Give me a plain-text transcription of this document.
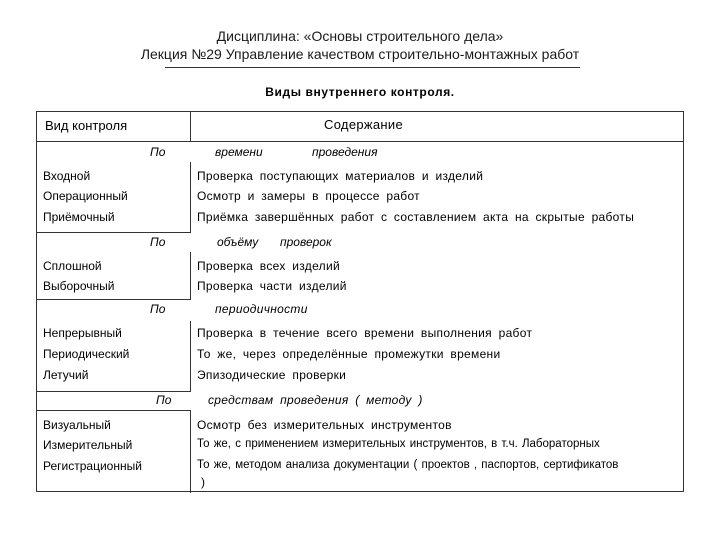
Дисциплина: «Основы строительного дела»
Лекция №29 Управление качеством строительно-монтажных работ
Виды внутреннего контроля.
Вид контроля	Содержание
По	времени	проведения
Входной	Проверка поступающих материалов и изделий
Операционный	Осмотр и замеры в процессе работ
Приёмочный	Приёмка завершённых работ с составлением акта на скрытые работы
По	объёму проверок
Сплошной	Проверка всех изделий
Выборочный	Проверка части изделий
По	периодичности
Непрерывный	Проверка в течение всего времени выполнения работ
Периодический	То же, через определённые промежутки времени
Летучий	Эпизодические проверки
По	средствам проведения ( методу )
Визуальный	Осмотр без измерительных инструментов
Измерительный	То же, с применением измерительных инструментов, в т.ч. Лабораторных
Регистрационный	То же, методом анализа документации ( проектов , паспортов, сертификатов
)
